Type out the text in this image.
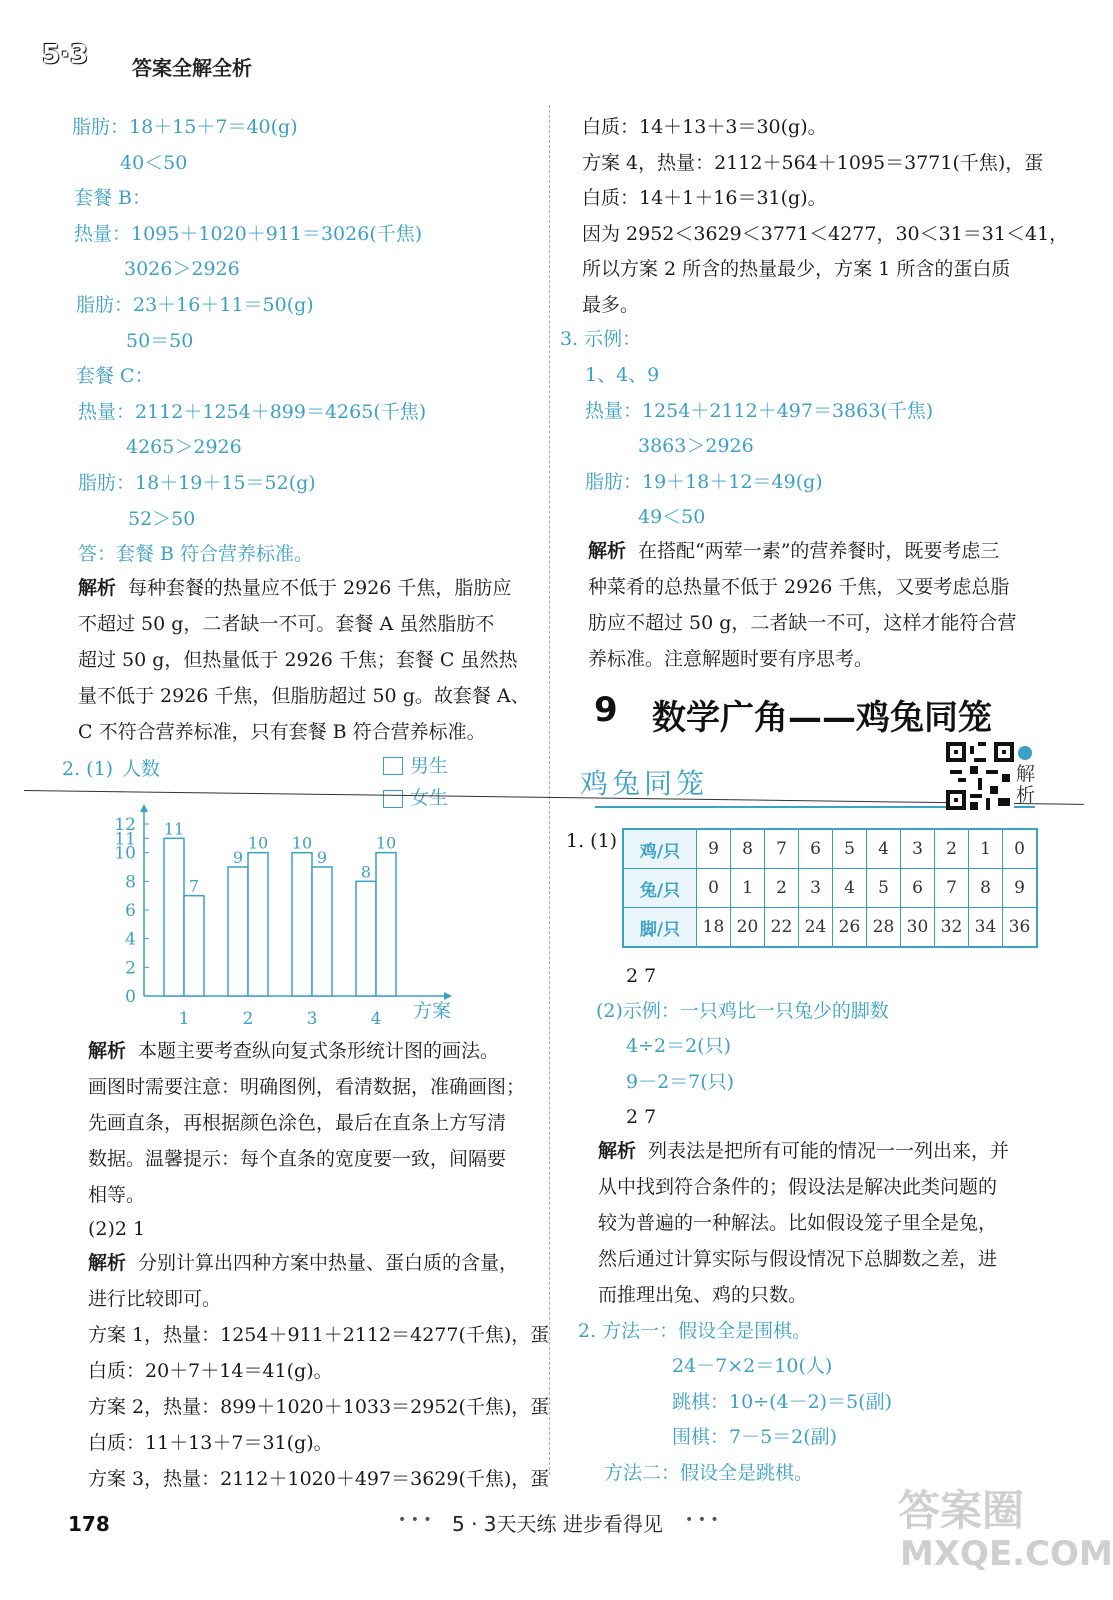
5·3	答案全解全析
脂肪：18＋15＋7＝40(g)
40＜50
套餐 B：
热量：1095＋1020＋911＝3026(千焦)
3026＞2926
脂肪：23＋16＋11＝50(g)
50＝50
套餐 C：
热量：2112＋1254＋899＝4265(千焦)
4265＞2926
脂肪：18＋19＋15＝52(g)
52＞50
答：套餐 B 符合营养标准。
解析 每种套餐的热量应不低于 2926 千焦，脂肪应
不超过 50 g，二者缺一不可。套餐 A 虽然脂肪不
超过 50 g，但热量低于 2926 千焦；套餐 C 虽然热
量不低于 2926 千焦，但脂肪超过 50 g。故套餐 A、
C 不符合营养标准，只有套餐 B 符合营养标准。
2. (1) 人数	男生
女生
0
2
4
6
8
10
11
12 11
7
1
9
10
2
10
9
3
8
10
4 方案
解析 本题主要考查纵向复式条形统计图的画法。
画图时需要注意：明确图例，看清数据，准确画图；
先画直条，再根据颜色涂色，最后在直条上方写清
数据。温馨提示：每个直条的宽度要一致，间隔要
相等。
(2)2 1
解析 分别计算出四种方案中热量、蛋白质的含量，
进行比较即可。
方案 1，热量：1254＋911＋2112＝4277(千焦)，蛋
白质：20＋7＋14＝41(g)。
方案 2，热量：899＋1020＋1033＝2952(千焦)，蛋
白质：11＋13＋7＝31(g)。
方案 3，热量：2112＋1020＋497＝3629(千焦)，蛋
白质：14＋13＋3＝30(g)。
方案 4，热量：2112＋564＋1095＝3771(千焦)，蛋
白质：14＋1＋16＝31(g)。
因为 2952＜3629＜3771＜4277，30＜31＝31＜41，
所以方案 2 所含的热量最少，方案 1 所含的蛋白质
最多。
3. 示例：
1、4、9
热量：1254＋2112＋497＝3863(千焦)
3863＞2926
脂肪：19＋18＋12＝49(g)
49＜50
解析 在搭配“两荤一素”的营养餐时，既要考虑三
种菜肴的总热量不低于 2926 千焦，又要考虑总脂
肪应不超过 50 g，二者缺一不可，这样才能符合营
养标准。注意解题时要有序思考。
9 数学广角——鸡兔同笼
鸡兔同笼	解析
1. (1) 鸡/只	9	8	7	6	5	4	3	2	1	0
兔/只	0	1	2	3	4	5	6	7	8	9
脚/只	18	20	22	24	26	28	30	32	34	36
2 7
(2)示例：一只鸡比一只兔少的脚数
4÷2＝2(只)
9－2＝7(只)
2 7
解析 列表法是把所有可能的情况一一列出来，并
从中找到符合条件的；假设法是解决此类问题的
较为普遍的一种解法。比如假设笼子里全是兔，
然后通过计算实际与假设情况下总脚数之差，进
而推理出兔、鸡的只数。
2. 方法一：假设全是围棋。
24－7×2＝10(人)
跳棋：10÷(4－2)＝5(副)
围棋：7－5＝2(副)
方法二：假设全是跳棋。
178	• • • 5 · 3天天练 进步看得见 • • •	答案圈
MXQE.COM
